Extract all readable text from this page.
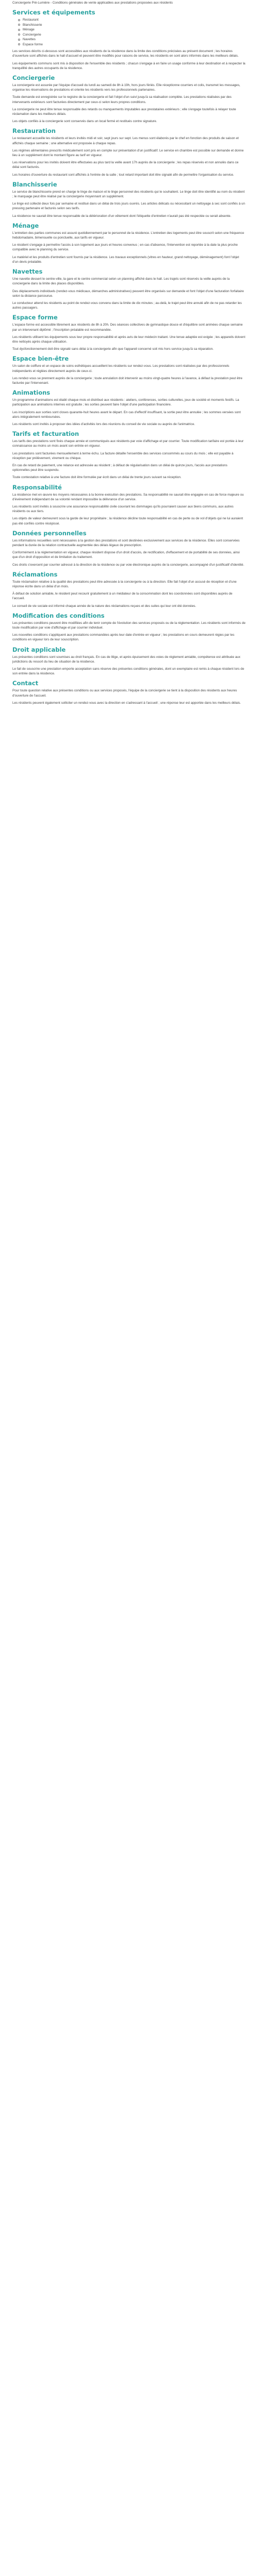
Conciergerie Pré-Lumière - Conditions générales de vente applicables aux prestations proposées aux résidents

Services et équipements
Restaurant
Blanchisserie
Ménage
Conciergerie
Navettes
Espace forme

Les services décrits ci-dessous sont accessibles aux résidents de la résidence dans la limite des conditions précisées au présent document ; les horaires d'ouverture sont affichés dans le hall d'accueil et peuvent être modifiés pour raisons de service, les résidents en sont alors informés dans les meilleurs délais.

Les équipements communs sont mis à disposition de l'ensemble des résidents ; chacun s'engage à en faire un usage conforme à leur destination et à respecter la tranquillité des autres occupants de la résidence.

Conciergerie

La conciergerie est assurée par l'équipe d'accueil du lundi au samedi de 8h à 19h, hors jours fériés. Elle réceptionne courriers et colis, transmet les messages, organise les réservations de prestations et oriente les résidents vers les professionnels partenaires.

Toute demande est enregistrée sur le registre de la conciergerie et fait l'objet d'un suivi jusqu'à sa réalisation complète. Les prestations réalisées par des intervenants extérieurs sont facturées directement par ceux-ci selon leurs propres conditions.

La conciergerie ne peut être tenue responsable des retards ou manquements imputables aux prestataires extérieurs ; elle s'engage toutefois à relayer toute réclamation dans les meilleurs délais.

Les objets confiés à la conciergerie sont conservés dans un local fermé et restitués contre signature.

Restauration

Le restaurant accueille les résidents et leurs invités midi et soir, sept jours sur sept. Les menus sont élaborés par le chef en fonction des produits de saison et affichés chaque semaine ; une alternative est proposée à chaque repas.

Les régimes alimentaires prescrits médicalement sont pris en compte sur présentation d'un justificatif. Le service en chambre est possible sur demande et donne lieu à un supplément dont le montant figure au tarif en vigueur.

Les réservations pour les invités doivent être effectuées au plus tard la veille avant 17h auprès de la conciergerie ; les repas réservés et non annulés dans ce délai sont facturés.

Les horaires d'ouverture du restaurant sont affichés à l'entrée de la salle ; tout retard important doit être signalé afin de permettre l'organisation du service.

Blanchisserie

Le service de blanchisserie prend en charge le linge de maison et le linge personnel des résidents qui le souhaitent. Le linge doit être identifié au nom du résident ; le marquage peut être réalisé par la conciergerie moyennant un supplément.

Le linge est collecté deux fois par semaine et restitué dans un délai de trois jours ouvrés. Les articles délicats ou nécessitant un nettoyage à sec sont confiés à un pressing partenaire et facturés selon ses tarifs.

La résidence ne saurait être tenue responsable de la détérioration d'un vêtement dont l'étiquette d'entretien n'aurait pas été respectée ou serait absente.

Ménage

L'entretien des parties communes est assuré quotidiennement par le personnel de la résidence. L'entretien des logements peut être souscrit selon une fréquence hebdomadaire, bimensuelle ou ponctuelle, aux tarifs en vigueur.

Le résident s'engage à permettre l'accès à son logement aux jours et heures convenus ; en cas d'absence, l'intervention est reportée à la date la plus proche compatible avec le planning du service.

Le matériel et les produits d'entretien sont fournis par la résidence. Les travaux exceptionnels (vitres en hauteur, grand nettoyage, déménagement) font l'objet d'un devis préalable.

Navettes

Une navette dessert le centre-ville, la gare et le centre commercial selon un planning affiché dans le hall. Les trajets sont réservés la veille auprès de la conciergerie dans la limite des places disponibles.

Des déplacements individuels (rendez-vous médicaux, démarches administratives) peuvent être organisés sur demande et font l'objet d'une facturation forfaitaire selon la distance parcourue.

Le conducteur attend les résidents au point de rendez-vous convenu dans la limite de dix minutes ; au-delà, le trajet peut être annulé afin de ne pas retarder les autres passagers.

Espace forme

L'espace forme est accessible librement aux résidents de 8h à 20h. Des séances collectives de gymnastique douce et d'équilibre sont animées chaque semaine par un intervenant diplômé ; l'inscription préalable est recommandée.

Les résidents utilisent les équipements sous leur propre responsabilité et après avis de leur médecin traitant. Une tenue adaptée est exigée ; les appareils doivent être nettoyés après chaque utilisation.

Tout dysfonctionnement doit être signalé sans délai à la conciergerie afin que l'appareil concerné soit mis hors service jusqu'à sa réparation.

Espace bien-être

Un salon de coiffure et un espace de soins esthétiques accueillent les résidents sur rendez-vous. Les prestations sont réalisées par des professionnels indépendants et réglées directement auprès de ceux-ci.

Les rendez-vous se prennent auprès de la conciergerie ; toute annulation doit intervenir au moins vingt-quatre heures à l'avance, à défaut la prestation peut être facturée par l'intervenant.

Animations

Un programme d'animations est établi chaque mois et distribué aux résidents : ateliers, conférences, sorties culturelles, jeux de société et moments festifs. La participation aux animations internes est gratuite ; les sorties peuvent faire l'objet d'une participation financière.

Les inscriptions aux sorties sont closes quarante-huit heures avant le départ. En cas d'effectif insuffisant, la sortie peut être annulée ; les sommes versées sont alors intégralement remboursées.

Les résidents sont invités à proposer des idées d'activités lors des réunions du conseil de vie sociale ou auprès de l'animatrice.

Tarifs et facturation

Les tarifs des prestations sont fixés chaque année et communiqués aux résidents par voie d'affichage et par courrier. Toute modification tarifaire est portée à leur connaissance au moins un mois avant son entrée en vigueur.

Les prestations sont facturées mensuellement à terme échu. La facture détaille l'ensemble des services consommés au cours du mois ; elle est payable à réception par prélèvement, virement ou chèque.

En cas de retard de paiement, une relance est adressée au résident ; à défaut de régularisation dans un délai de quinze jours, l'accès aux prestations optionnelles peut être suspendu.

Toute contestation relative à une facture doit être formulée par écrit dans un délai de trente jours suivant sa réception.

Responsabilité

La résidence met en œuvre les moyens nécessaires à la bonne exécution des prestations. Sa responsabilité ne saurait être engagée en cas de force majeure ou d'événement indépendant de sa volonté rendant impossible la délivrance d'un service.

Les résidents sont invités à souscrire une assurance responsabilité civile couvrant les dommages qu'ils pourraient causer aux biens communs, aux autres résidents ou aux tiers.

Les objets de valeur demeurent sous la garde de leur propriétaire ; la résidence décline toute responsabilité en cas de perte ou de vol d'objets qui ne lui auraient pas été confiés contre récépissé.

Données personnelles

Les informations recueillies sont nécessaires à la gestion des prestations et sont destinées exclusivement aux services de la résidence. Elles sont conservées pendant la durée de la relation contractuelle augmentée des délais légaux de prescription.

Conformément à la réglementation en vigueur, chaque résident dispose d'un droit d'accès, de rectification, d'effacement et de portabilité de ses données, ainsi que d'un droit d'opposition et de limitation du traitement.

Ces droits s'exercent par courrier adressé à la direction de la résidence ou par voie électronique auprès de la conciergerie, accompagné d'un justificatif d'identité.

Réclamations

Toute réclamation relative à la qualité des prestations peut être adressée à la conciergerie ou à la direction. Elle fait l'objet d'un accusé de réception et d'une réponse écrite dans un délai d'un mois.

À défaut de solution amiable, le résident peut recourir gratuitement à un médiateur de la consommation dont les coordonnées sont disponibles auprès de l'accueil.

Le conseil de vie sociale est informé chaque année de la nature des réclamations reçues et des suites qui leur ont été données.

Modification des conditions

Les présentes conditions peuvent être modifiées afin de tenir compte de l'évolution des services proposés ou de la réglementation. Les résidents sont informés de toute modification par voie d'affichage et par courrier individuel.

Les nouvelles conditions s'appliquent aux prestations commandées après leur date d'entrée en vigueur ; les prestations en cours demeurent régies par les conditions en vigueur lors de leur souscription.

Droit applicable

Les présentes conditions sont soumises au droit français. En cas de litige, et après épuisement des voies de règlement amiable, compétence est attribuée aux juridictions du ressort du lieu de situation de la résidence.

Le fait de souscrire une prestation emporte acceptation sans réserve des présentes conditions générales, dont un exemplaire est remis à chaque résident lors de son entrée dans la résidence.

Contact

Pour toute question relative aux présentes conditions ou aux services proposés, l'équipe de la conciergerie se tient à la disposition des résidents aux heures d'ouverture de l'accueil.

Les résidents peuvent également solliciter un rendez-vous avec la direction en s'adressant à l'accueil ; une réponse leur est apportée dans les meilleurs délais.
